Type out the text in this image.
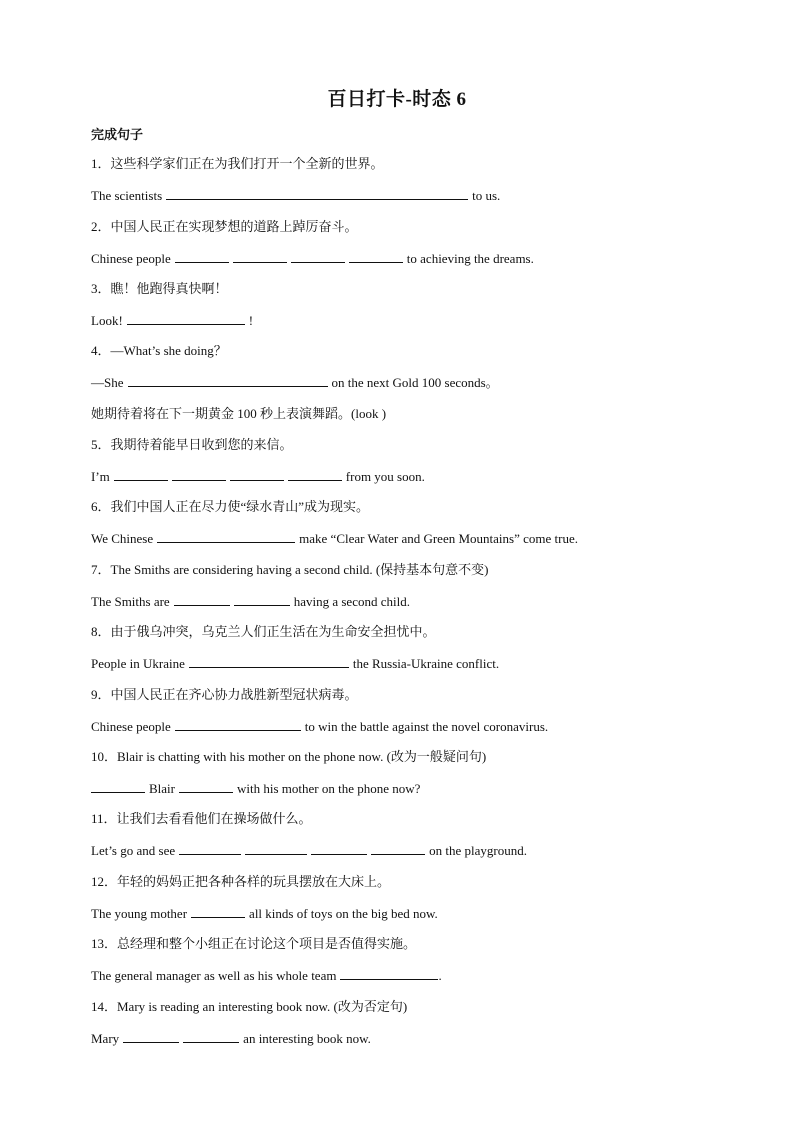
百日打卡-时态 6
完成句子
1．这些科学家们正在为我们打开一个全新的世界。
The scientists	to us.
2．中国人民正在实现梦想的道路上踔厉奋斗。
Chinese people	to achieving the dreams.
3．瞧！他跑得真快啊！
Look!	!
4．—What’s she doing？
—She	on the next Gold 100 seconds。
她期待着将在下一期黄金 100 秒上表演舞蹈。(look )
5．我期待着能早日收到您的来信。
I’m	from you soon.
6．我们中国人正在尽力使“绿水青山”成为现实。
We Chinese	make “Clear Water and Green Mountains” come true.
7．The Smiths are considering having a second child. (保持基本句意不变)
The Smiths are	having a second child.
8．由于俄乌冲突，乌克兰人们正生活在为生命安全担忧中。
People in Ukraine	the Russia-Ukraine conflict.
9．中国人民正在齐心协力战胜新型冠状病毒。
Chinese people	to win the battle against the novel coronavirus.
10．Blair is chatting with his mother on the phone now. (改为一般疑问句)
Blair	with his mother on the phone now?
11．让我们去看看他们在操场做什么。
Let’s go and see	on the playground.
12．年轻的妈妈正把各种各样的玩具摆放在大床上。
The young mother	all kinds of toys on the big bed now.
13．总经理和整个小组正在讨论这个项目是否值得实施。
The general manager as well as his whole team	.
14．Mary is reading an interesting book now. (改为否定句)
Mary	an interesting book now.
